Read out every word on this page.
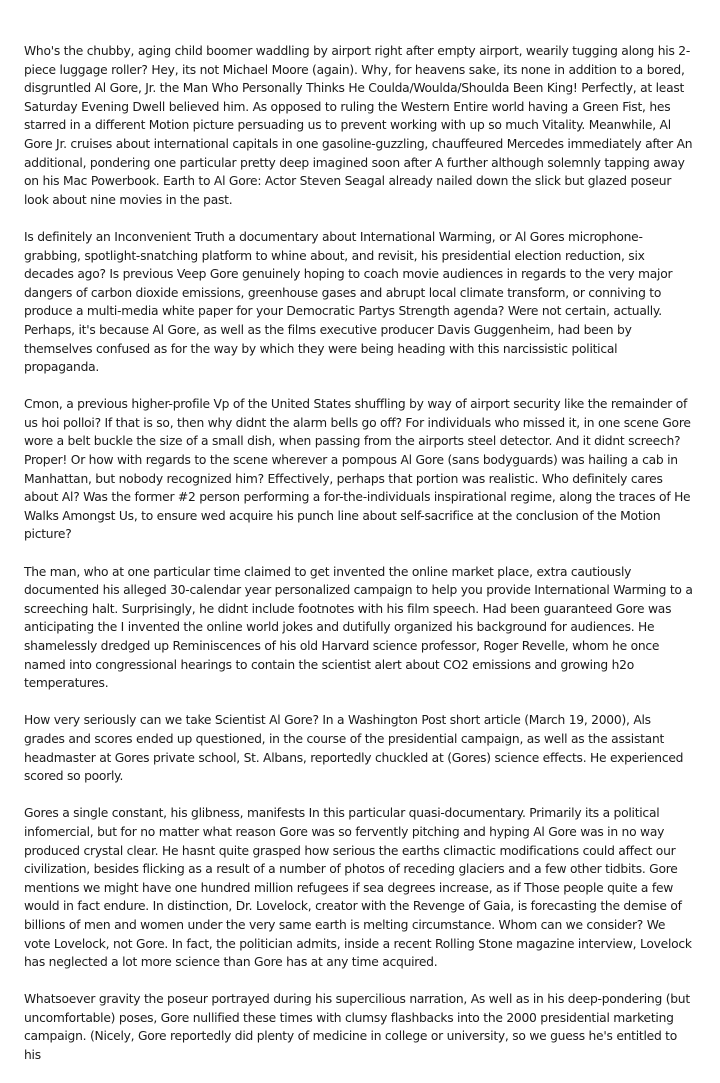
Who's the chubby, aging child boomer waddling by airport right after empty airport, wearily tugging along his 2-piece luggage roller? Hey, its not Michael Moore (again). Why, for heavens sake, its none in addition to a bored, disgruntled Al Gore, Jr. the Man Who Personally Thinks He Coulda/Woulda/Shoulda Been King! Perfectly, at least Saturday Evening Dwell believed him. As opposed to ruling the Western Entire world having a Green Fist, hes starred in a different Motion picture persuading us to prevent working with up so much Vitality. Meanwhile, Al Gore Jr. cruises about international capitals in one gasoline-guzzling, chauffeured Mercedes immediately after An additional, pondering one particular pretty deep imagined soon after A further although solemnly tapping away on his Mac Powerbook. Earth to Al Gore: Actor Steven Seagal already nailed down the slick but glazed poseur look about nine movies in the past.

Is definitely an Inconvenient Truth a documentary about International Warming, or Al Gores microphone-grabbing, spotlight-snatching platform to whine about, and revisit, his presidential election reduction, six decades ago? Is previous Veep Gore genuinely hoping to coach movie audiences in regards to the very major dangers of carbon dioxide emissions, greenhouse gases and abrupt local climate transform, or conniving to produce a multi-media white paper for your Democratic Partys Strength agenda? Were not certain, actually. Perhaps, it's because Al Gore, as well as the films executive producer Davis Guggenheim, had been by themselves confused as for the way by which they were being heading with this narcissistic political propaganda.

Cmon, a previous higher-profile Vp of the United States shuffling by way of airport security like the remainder of us hoi polloi? If that is so, then why didnt the alarm bells go off? For individuals who missed it, in one scene Gore wore a belt buckle the size of a small dish, when passing from the airports steel detector. And it didnt screech? Proper! Or how with regards to the scene wherever a pompous Al Gore (sans bodyguards) was hailing a cab in Manhattan, but nobody recognized him? Effectively, perhaps that portion was realistic. Who definitely cares about Al? Was the former #2 person performing a for-the-individuals inspirational regime, along the traces of He Walks Amongst Us, to ensure wed acquire his punch line about self-sacrifice at the conclusion of the Motion picture?

The man, who at one particular time claimed to get invented the online market place, extra cautiously documented his alleged 30-calendar year personalized campaign to help you provide International Warming to a screeching halt. Surprisingly, he didnt include footnotes with his film speech. Had been guaranteed Gore was anticipating the I invented the online world jokes and dutifully organized his background for audiences. He shamelessly dredged up Reminiscences of his old Harvard science professor, Roger Revelle, whom he once named into congressional hearings to contain the scientist alert about CO2 emissions and growing h2o temperatures.

How very seriously can we take Scientist Al Gore? In a Washington Post short article (March 19, 2000), Als grades and scores ended up questioned, in the course of the presidential campaign, as well as the assistant headmaster at Gores private school, St. Albans, reportedly chuckled at (Gores) science effects. He experienced scored so poorly.

Gores a single constant, his glibness, manifests In this particular quasi-documentary. Primarily its a political infomercial, but for no matter what reason Gore was so fervently pitching and hyping Al Gore was in no way produced crystal clear. He hasnt quite grasped how serious the earths climactic modifications could affect our civilization, besides flicking as a result of a number of photos of receding glaciers and a few other tidbits. Gore mentions we might have one hundred million refugees if sea degrees increase, as if Those people quite a few would in fact endure. In distinction, Dr. Lovelock, creator with the Revenge of Gaia, is forecasting the demise of billions of men and women under the very same earth is melting circumstance. Whom can we consider? We vote Lovelock, not Gore. In fact, the politician admits, inside a recent Rolling Stone magazine interview, Lovelock has neglected a lot more science than Gore has at any time acquired.

Whatsoever gravity the poseur portrayed during his supercilious narration, As well as in his deep-pondering (but uncomfortable) poses, Gore nullified these times with clumsy flashbacks into the 2000 presidential marketing campaign. (Nicely, Gore reportedly did plenty of medicine in college or university, so we guess he's entitled to his
